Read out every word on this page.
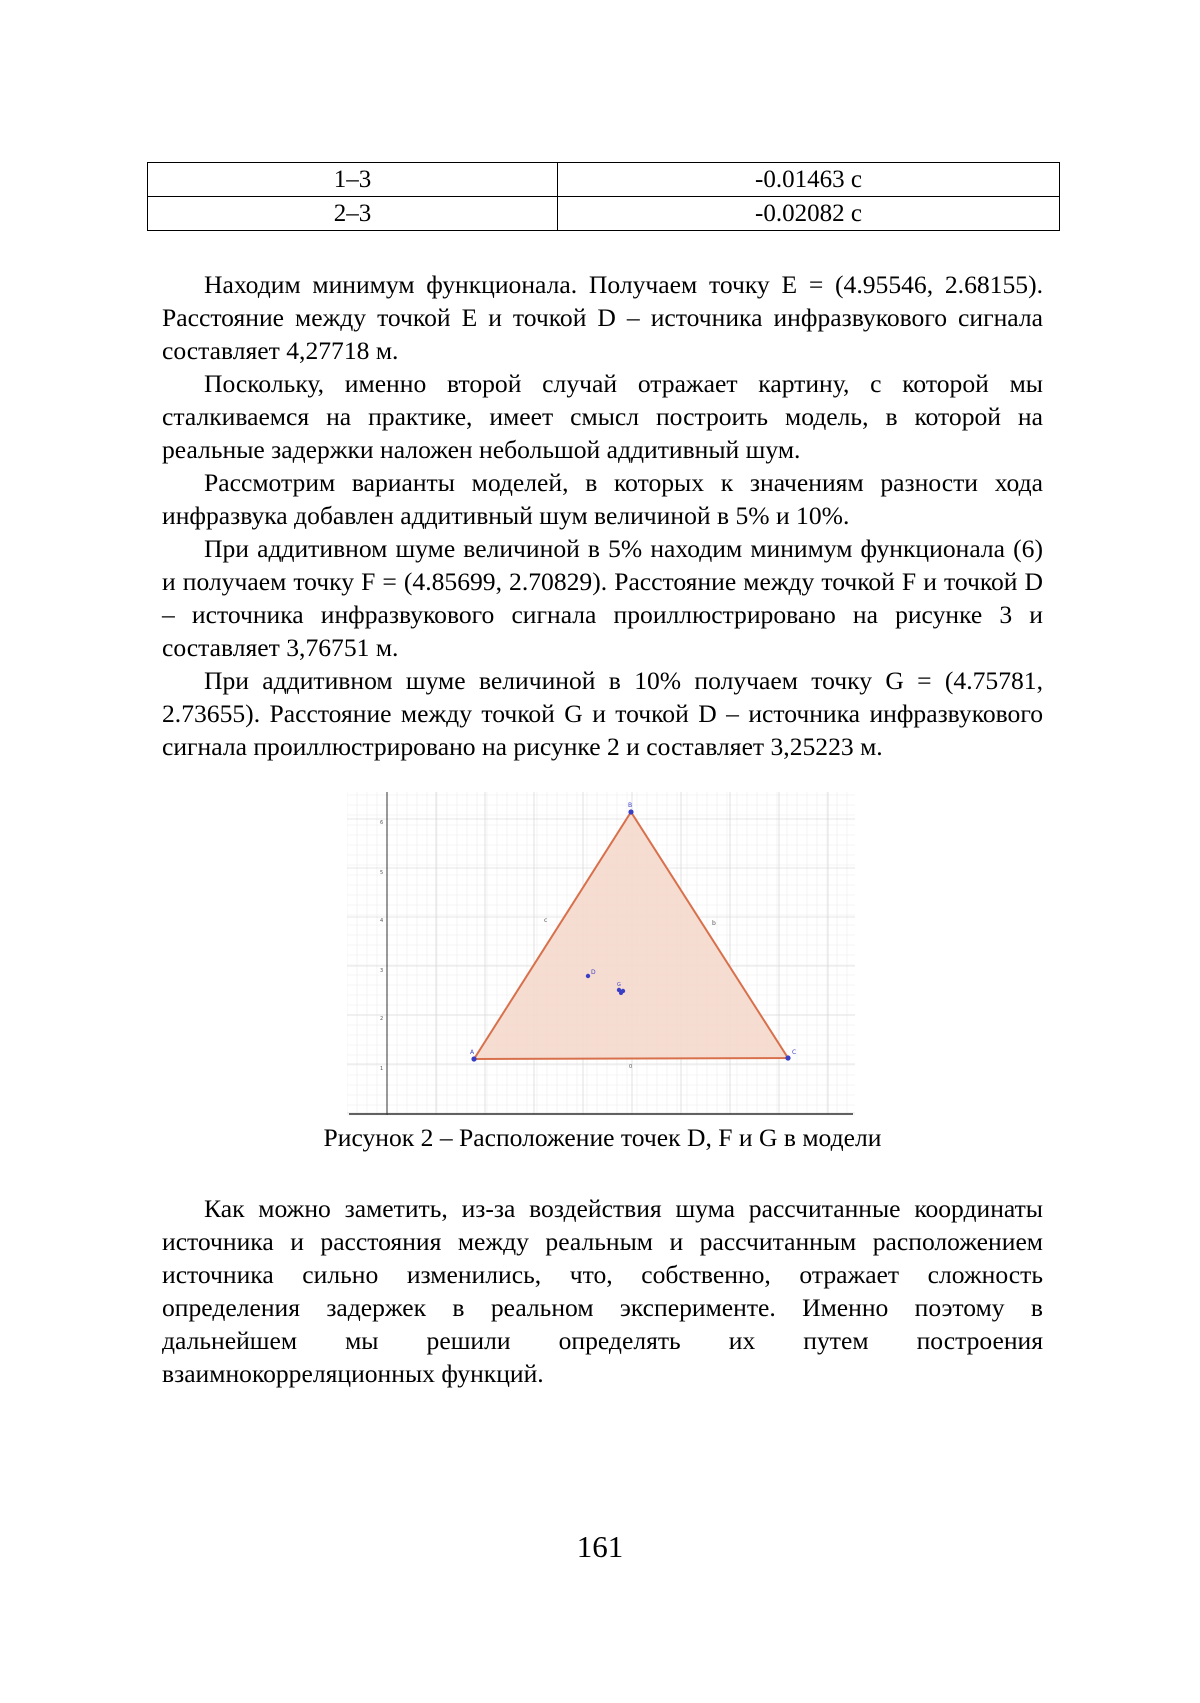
1–3	-0.01463 с
2–3	-0.02082 с

Находим минимум функционала. Получаем точку E = (4.95546, 2.68155). Расстояние между точкой E и точкой D – источника инфразвукового сигнала составляет 4,27718 м.

Поскольку, именно второй случай отражает картину, с которой мы сталкиваемся на практике, имеет смысл построить модель, в которой на реальные задержки наложен небольшой аддитивный шум.

Рассмотрим варианты моделей, в которых к значениям разности хода инфразвука добавлен аддитивный шум величиной в 5% и 10%.

При аддитивном шуме величиной в 5% находим минимум функционала (6) и получаем точку F = (4.85699, 2.70829). Расстояние между точкой F и точкой D – источника инфразвукового сигнала проиллюстрировано на рисунке 3 и составляет 3,76751 м.

При аддитивном шуме величиной в 10% получаем точку G = (4.75781, 2.73655). Расстояние между точкой G и точкой D – источника инфразвукового сигнала проиллюстрировано на рисунке 2 и составляет 3,25223 м.

A
B
C
c	b
D
G
6
5
4
3
2
1	0

Рисунок 2 – Расположение точек D, F и G в модели

Как можно заметить, из-за воздействия шума рассчитанные координаты источника и расстояния между реальным и рассчитанным расположением источника сильно изменились, что, собственно, отражает сложность определения задержек в реальном эксперименте. Именно поэтому в дальнейшем мы решили определять их путем построения взаимнокорреляционных функций.

161
